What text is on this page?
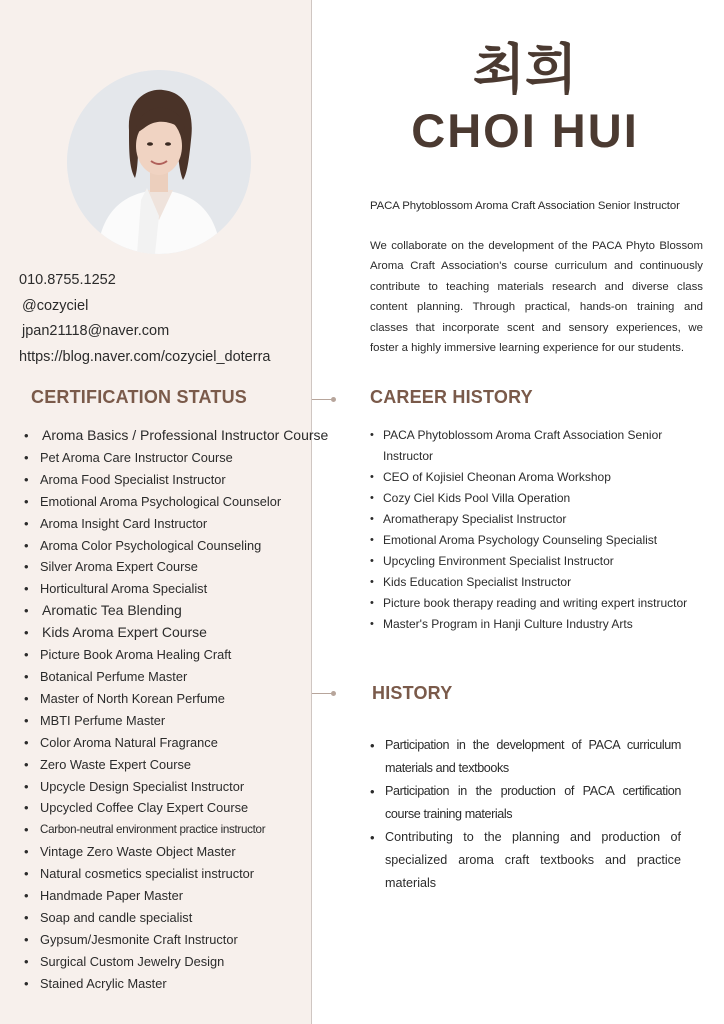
010.8755.1252
@cozyciel
jpan21118@naver.com
https://blog.naver.com/cozyciel_doterra
CERTIFICATION STATUS
• Aroma Basics / Professional Instructor Course
• Pet Aroma Care Instructor Course
• Aroma Food Specialist Instructor
• Emotional Aroma Psychological Counselor
• Aroma Insight Card Instructor
• Aroma Color Psychological Counseling
• Silver Aroma Expert Course
• Horticultural Aroma Specialist
• Aromatic Tea Blending
• Kids Aroma Expert Course
• Picture Book Aroma Healing Craft
• Botanical Perfume Master
• Master of North Korean Perfume
• MBTI Perfume Master
• Color Aroma Natural Fragrance
• Zero Waste Expert Course
• Upcycle Design Specialist Instructor
• Upcycled Coffee Clay Expert Course
• Carbon-neutral environment practice instructor
• Vintage Zero Waste Object Master
• Natural cosmetics specialist instructor
• Handmade Paper Master
• Soap and candle specialist
• Gypsum/Jesmonite Craft Instructor
• Surgical Custom Jewelry Design
• Stained Acrylic Master
최희
CHOI HUI
PACA Phytoblossom Aroma Craft Association Senior Instructor

We collaborate on the development of the PACA Phyto Blossom Aroma Craft Association's course curriculum and continuously contribute to teaching materials research and diverse class content planning. Through practical, hands-on training and classes that incorporate scent and sensory experiences, we foster a highly immersive learning experience for our students.

CAREER HISTORY
• PACA Phytoblossom Aroma Craft Association Senior Instructor
• CEO of Kojisiel Cheonan Aroma Workshop
• Cozy Ciel Kids Pool Villa Operation
• Aromatherapy Specialist Instructor
• Emotional Aroma Psychology Counseling Specialist
• Upcycling Environment Specialist Instructor
• Kids Education Specialist Instructor
• Picture book therapy reading and writing expert instructor
• Master's Program in Hanji Culture Industry Arts
HISTORY
• Participation in the development of PACA curriculum materials and textbooks
• Participation in the production of PACA certification course training materials
• Contributing to the planning and production of specialized aroma craft textbooks and practice materials
